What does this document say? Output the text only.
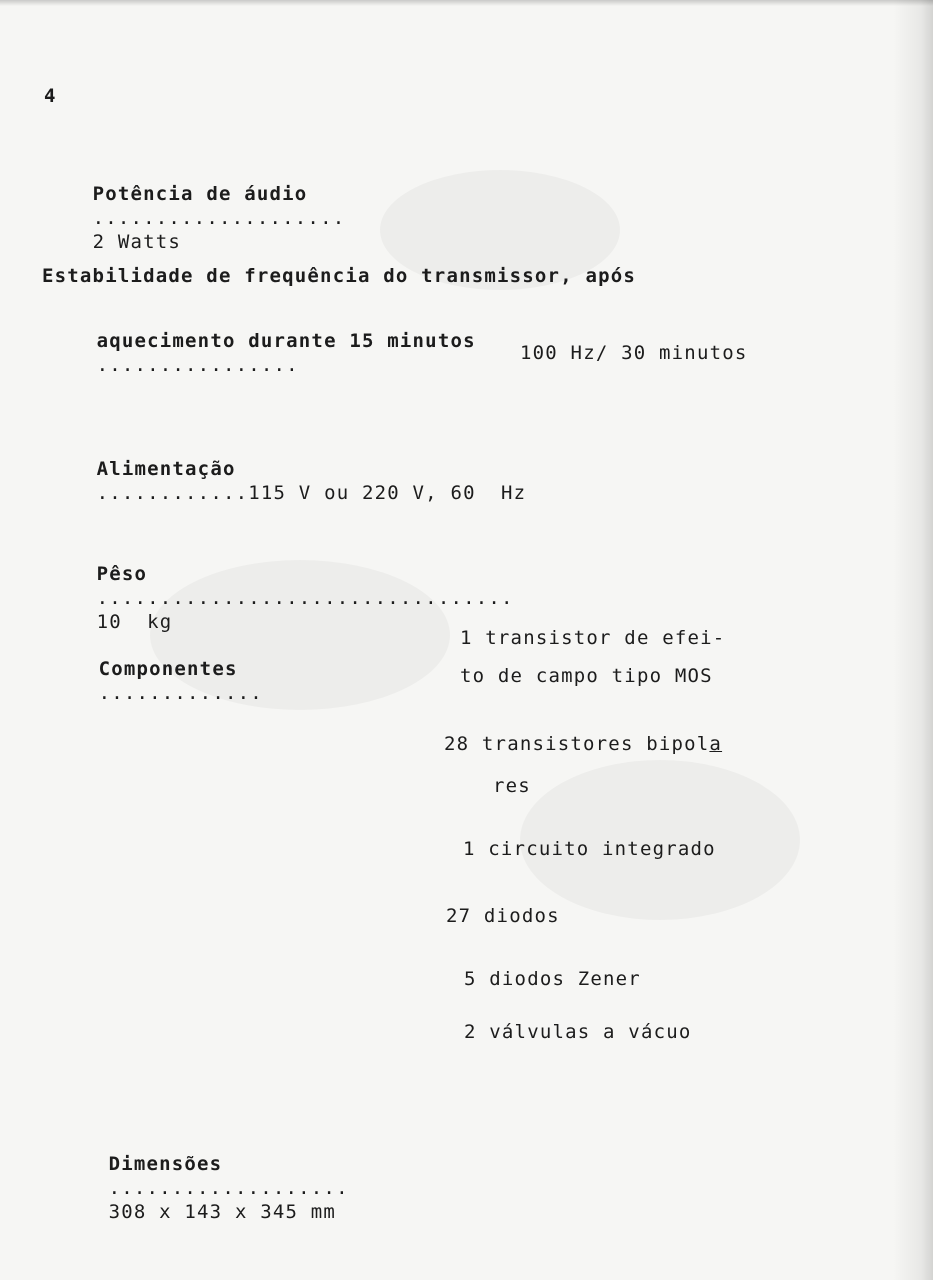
4

Potência de áudio
....................
2 Watts

Estabilidade de frequência do transmissor, após

aquecimento durante 15 minutos
................

100 Hz/ 30 minutos

Alimentação
............115 V ou 220 V, 60  Hz

Pêso
.................................
10  kg

Componentes
.............

1 transistor de efei-
to de campo tipo MOS
28 transistores bipola
res
1 circuito integrado
27 diodos
5 diodos Zener
2 válvulas a vácuo

Dimensões
...................
308 x 143 x 345 mm
